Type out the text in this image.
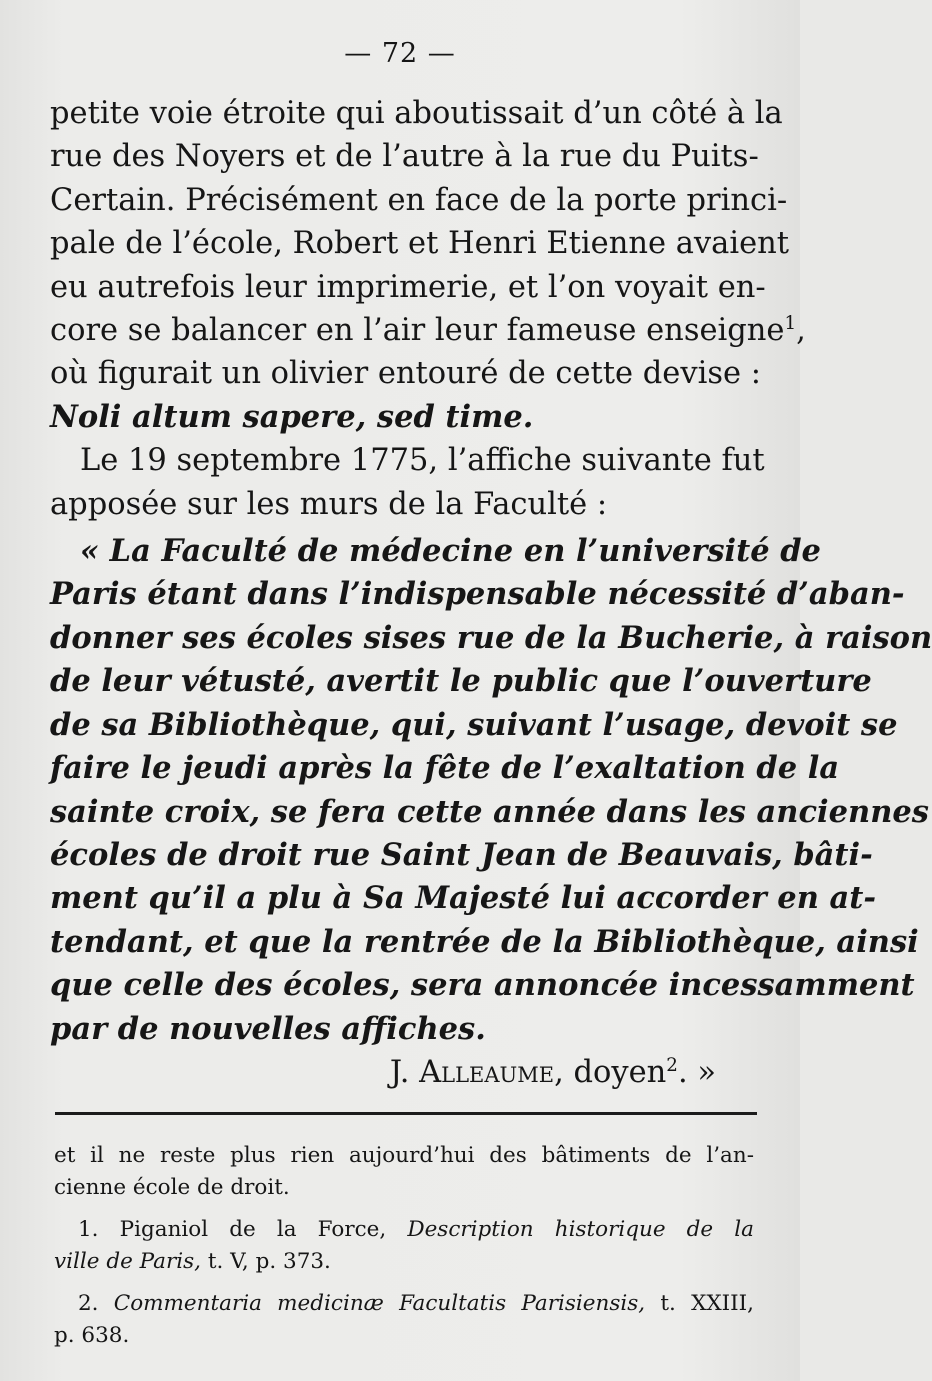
— 72 —
petite voie étroite qui aboutissait d’un côté à la
rue des Noyers et de l’autre à la rue du Puits-
Certain. Précisément en face de la porte princi-
pale de l’école, Robert et Henri Etienne avaient
eu autrefois leur imprimerie, et l’on voyait en-
core se balancer en l’air leur fameuse enseigne$^1$,
où figurait un olivier entouré de cette devise :
Noli altum sapere, sed time.
Le 19 septembre 1775, l’affiche suivante fut
apposée sur les murs de la Faculté :
« La Faculté de médecine en l’université de
Paris étant dans l’indispensable nécessité d’aban-
donner ses écoles sises rue de la Bucherie, à raison
de leur vétusté, avertit le public que l’ouverture
de sa Bibliothèque, qui, suivant l’usage, devoit se
faire le jeudi après la fête de l’exaltation de la
sainte croix, se fera cette année dans les anciennes
écoles de droit rue Saint Jean de Beauvais, bâti-
ment qu’il a plu à Sa Majesté lui accorder en at-
tendant, et que la rentrée de la Bibliothèque, ainsi
que celle des écoles, sera annoncée incessamment
par de nouvelles affiches.
J. Alleaume, doyen$^2$. »
et il ne reste plus rien aujourd’hui des bâtiments de l’an-
cienne école de droit.
1. Piganiol de la Force, Description historique de la
ville de Paris, t. V, p. 373.
2. Commentaria medicinæ Facultatis Parisiensis, t. XXIII,
p. 638.
